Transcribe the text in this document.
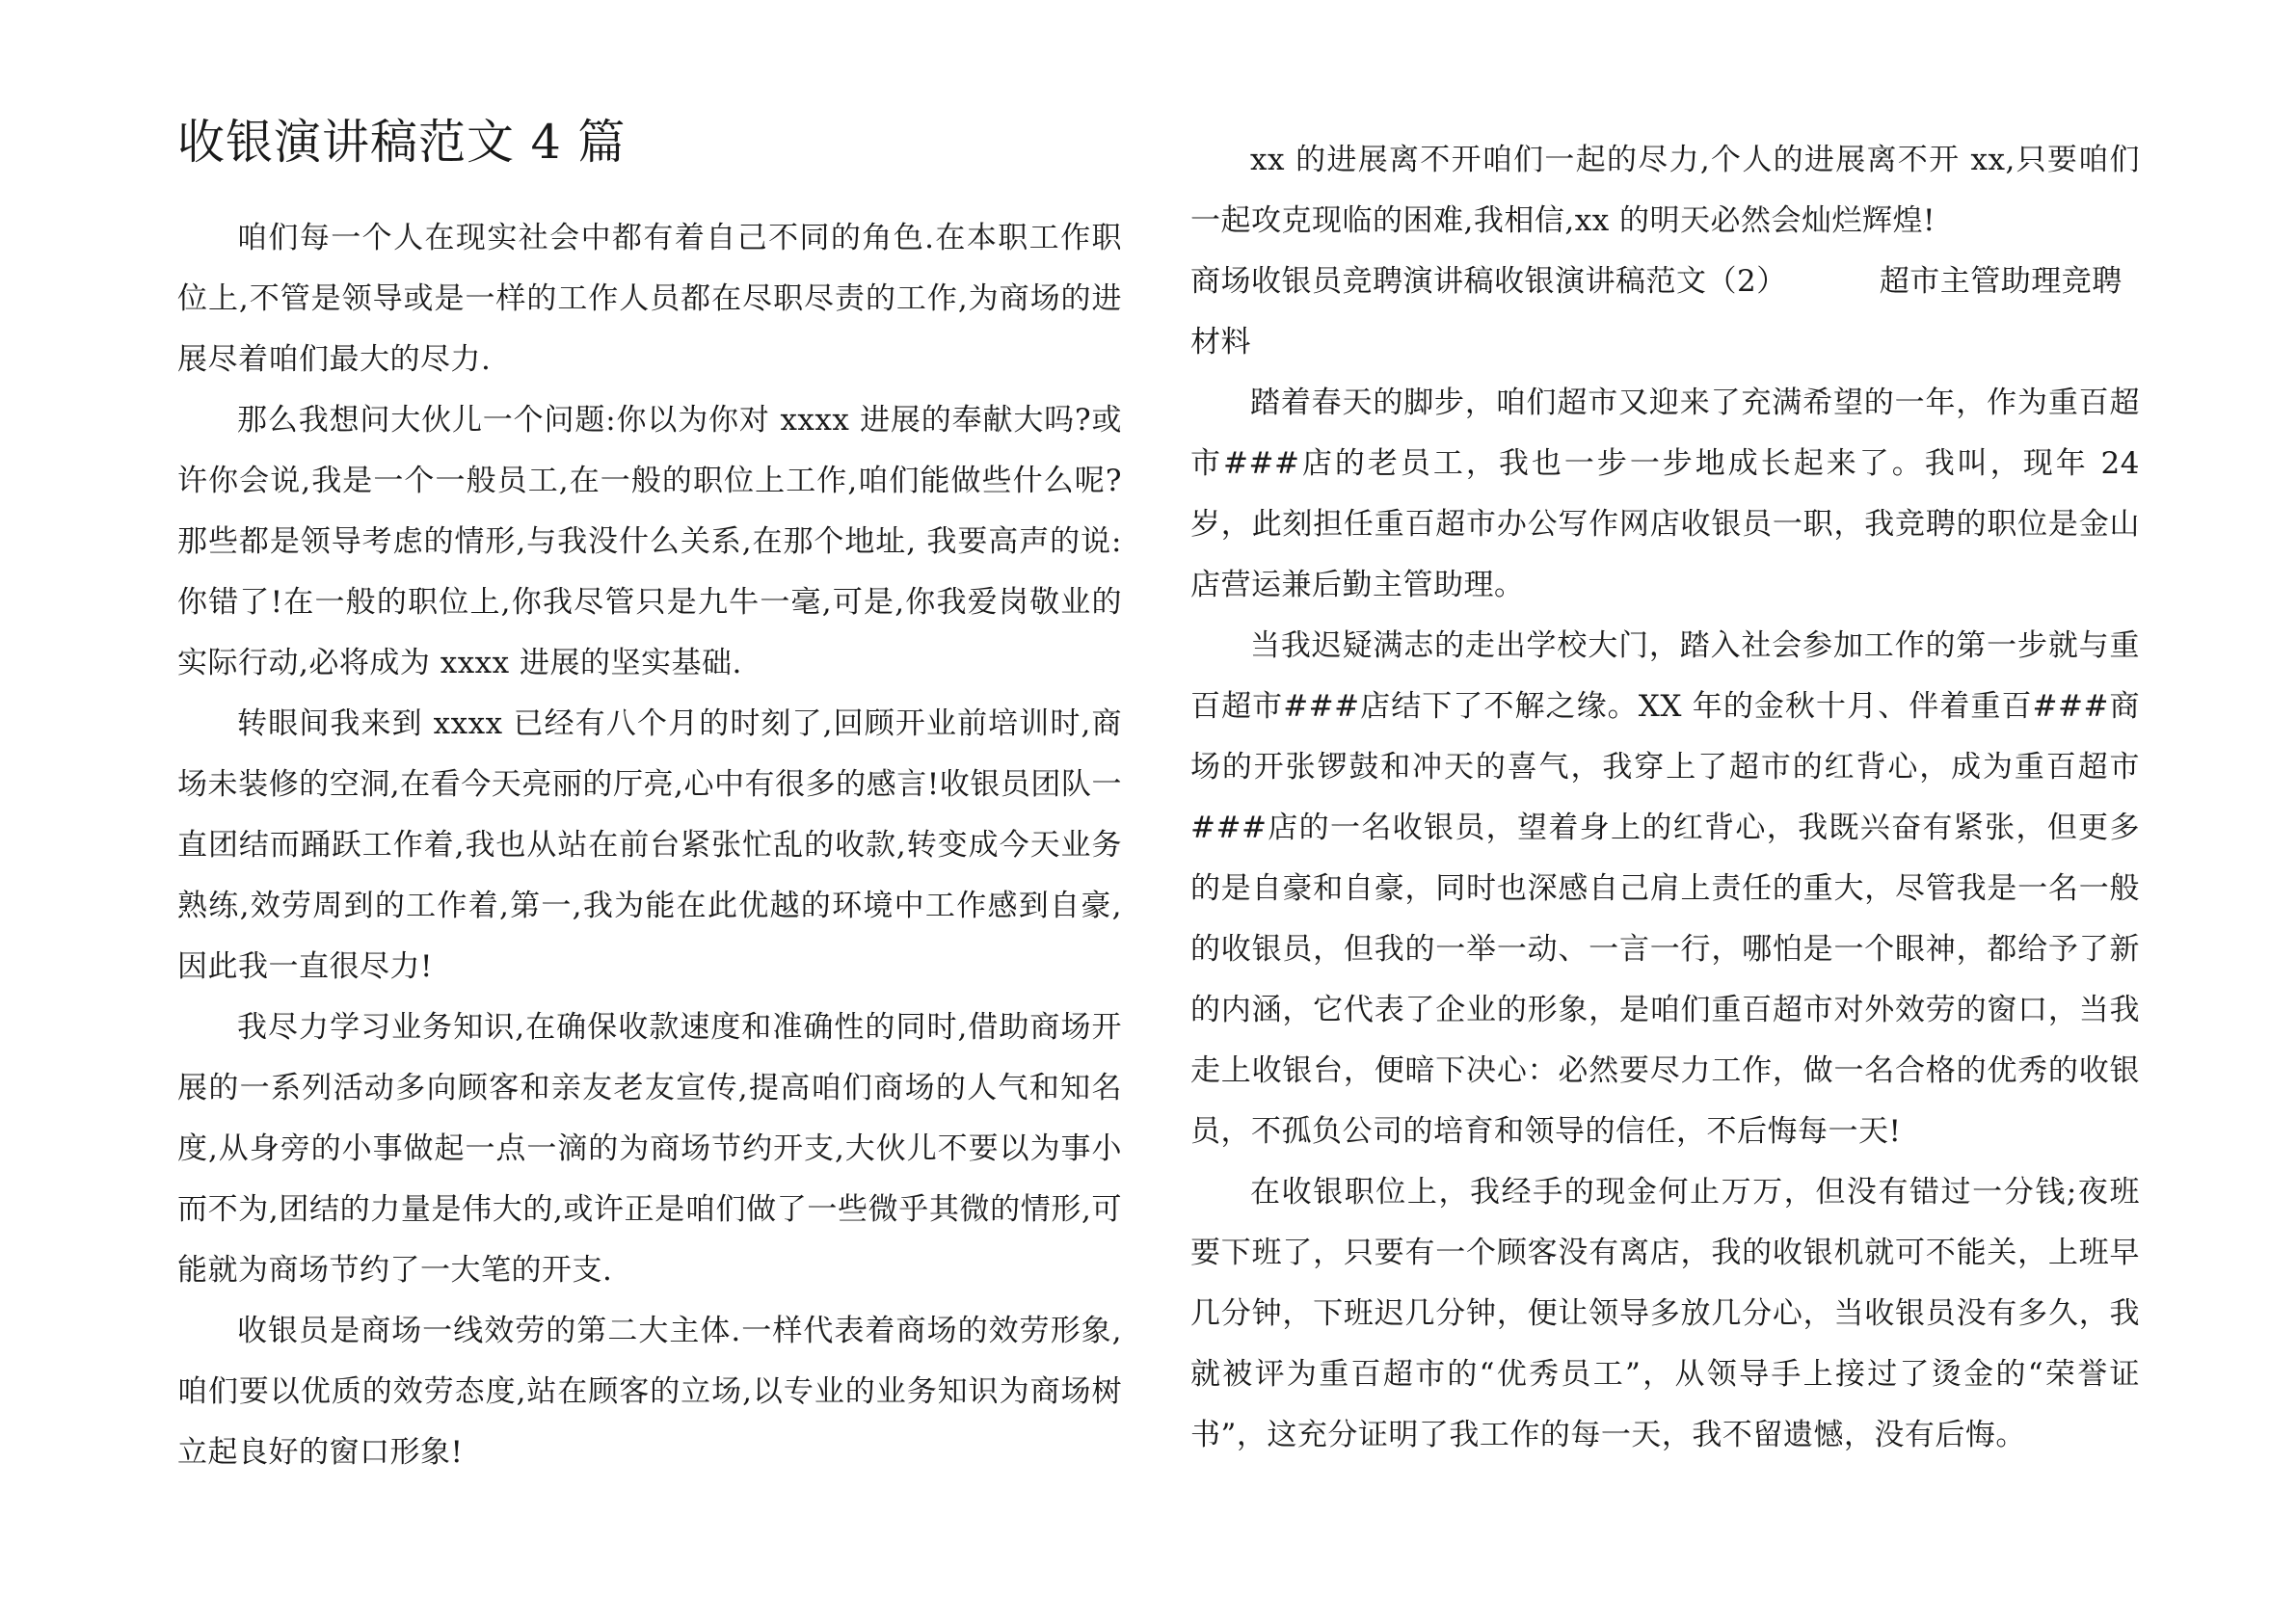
收银演讲稿范文 4 篇

咱们每一个人在现实社会中都有着自己不同的角色.在本职工作职位上,不管是领导或是一样的工作人员都在尽职尽责的工作,为商场的进展尽着咱们最大的尽力.

那么我想问大伙儿一个问题:你以为你对 xxxx 进展的奉献大吗?或许你会说,我是一个一般员工,在一般的职位上工作,咱们能做些什么呢?那些都是领导考虑的情形,与我没什么关系,在那个地址, 我要高声的说:你错了!在一般的职位上,你我尽管只是九牛一毫,可是,你我爱岗敬业的实际行动,必将成为 xxxx 进展的坚实基础.

转眼间我来到 xxxx 已经有八个月的时刻了,回顾开业前培训时,商场未装修的空洞,在看今天亮丽的厅亮,心中有很多的感言!收银员团队一直团结而踊跃工作着,我也从站在前台紧张忙乱的收款,转变成今天业务熟练,效劳周到的工作着,第一,我为能在此优越的环境中工作感到自豪,因此我一直很尽力!

我尽力学习业务知识,在确保收款速度和准确性的同时,借助商场开展的一系列活动多向顾客和亲友老友宣传,提高咱们商场的人气和知名度,从身旁的小事做起一点一滴的为商场节约开支,大伙儿不要以为事小而不为,团结的力量是伟大的,或许正是咱们做了一些微乎其微的情形,可能就为商场节约了一大笔的开支.

收银员是商场一线效劳的第二大主体.一样代表着商场的效劳形象,咱们要以优质的效劳态度,站在顾客的立场,以专业的业务知识为商场树立起良好的窗口形象!

xx 的进展离不开咱们一起的尽力,个人的进展离不开 xx,只要咱们一起攻克现临的困难,我相信,xx 的明天必然会灿烂辉煌!

商场收银员竞聘演讲稿收银演讲稿范文（2）	超市主管助理竞聘材料

踏着春天的脚步，咱们超市又迎来了充满希望的一年，作为重百超市###店的老员工，我也一步一步地成长起来了。我叫，现年 24 岁，此刻担任重百超市办公写作网店收银员一职，我竞聘的职位是金山店营运兼后勤主管助理。

当我迟疑满志的走出学校大门，踏入社会参加工作的第一步就与重百超市###店结下了不解之缘。XX 年的金秋十月、伴着重百###商场的开张锣鼓和冲天的喜气，我穿上了超市的红背心，成为重百超市###店的一名收银员，望着身上的红背心，我既兴奋有紧张，但更多的是自豪和自豪，同时也深感自己肩上责任的重大，尽管我是一名一般的收银员，但我的一举一动、一言一行，哪怕是一个眼神，都给予了新的内涵，它代表了企业的形象，是咱们重百超市对外效劳的窗口，当我走上收银台，便暗下决心：必然要尽力工作，做一名合格的优秀的收银员，不孤负公司的培育和领导的信任，不后悔每一天!

在收银职位上，我经手的现金何止万万，但没有错过一分钱;夜班要下班了，只要有一个顾客没有离店，我的收银机就可不能关，上班早几分钟，下班迟几分钟，便让领导多放几分心，当收银员没有多久，我就被评为重百超市的“优秀员工”，从领导手上接过了烫金的“荣誉证书”，这充分证明了我工作的每一天，我不留遗憾，没有后悔。
